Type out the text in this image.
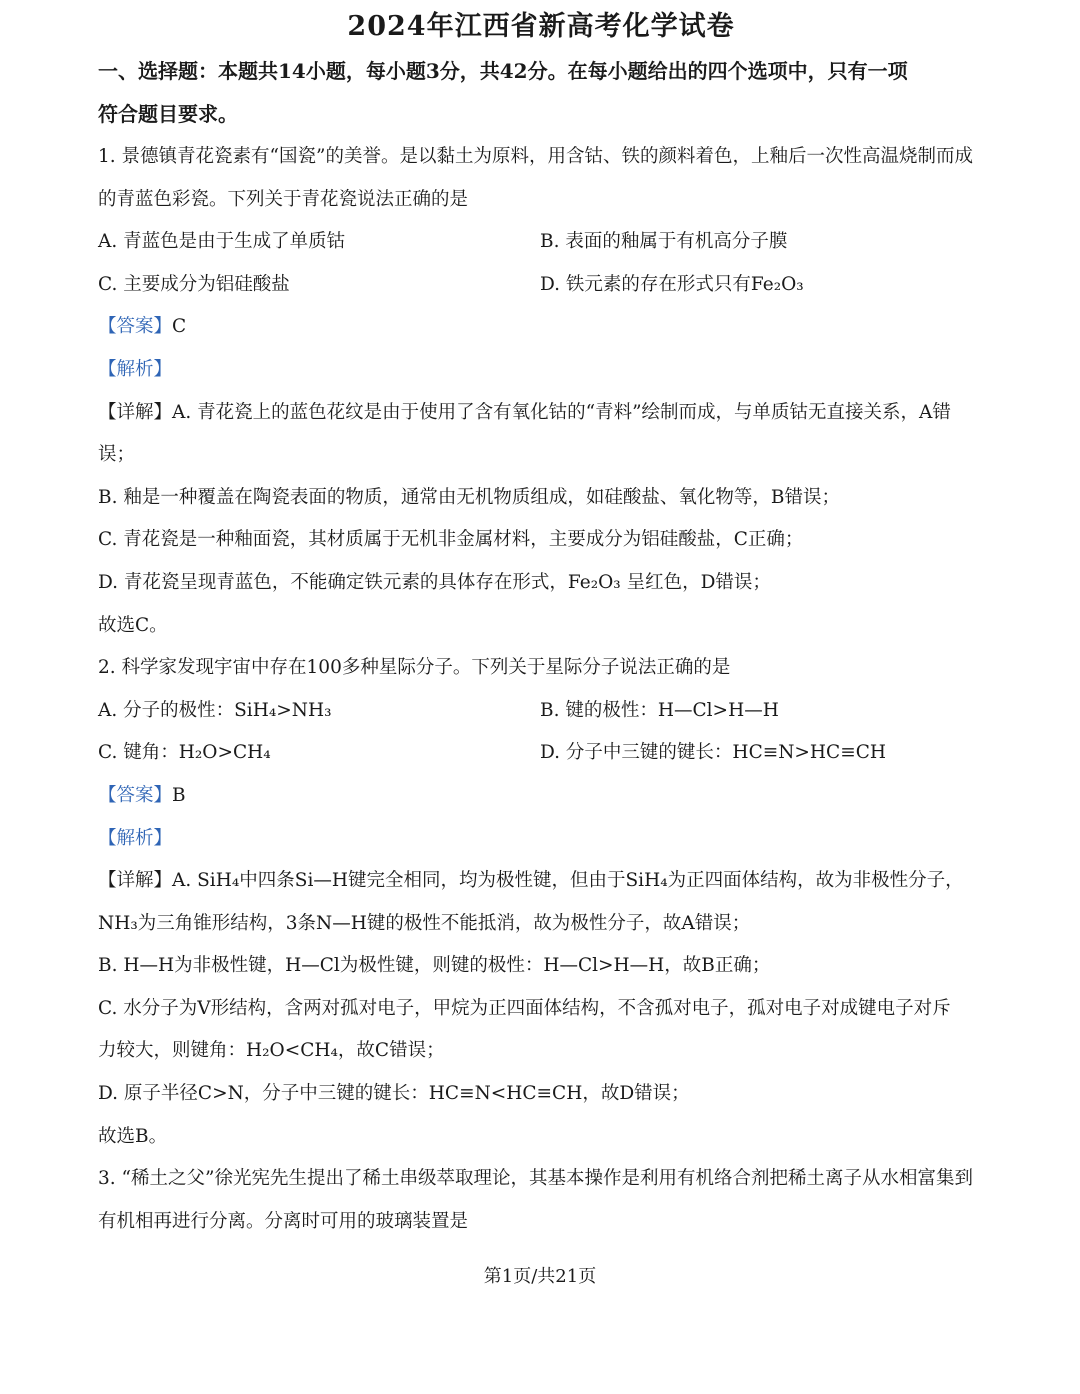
2024年江西省新高考化学试卷

一、选择题：本题共14小题，每小题3分，共42分。在每小题给出的四个选项中，只有一项

符合题目要求。

1. 景德镇青花瓷素有“国瓷”的美誉。是以黏土为原料，用含钴、铁的颜料着色，上釉后一次性高温烧制而成

的青蓝色彩瓷。下列关于青花瓷说法正确的是

A. 青蓝色是由于生成了单质钴	B. 表面的釉属于有机高分子膜
C. 主要成分为铝硅酸盐	D. 铁元素的存在形式只有Fe₂O₃

【答案】C

【解析】

【详解】A. 青花瓷上的蓝色花纹是由于使用了含有氧化钴的“青料”绘制而成，与单质钴无直接关系，A错

误；

B. 釉是一种覆盖在陶瓷表面的物质，通常由无机物质组成，如硅酸盐、氧化物等，B错误；

C. 青花瓷是一种釉面瓷，其材质属于无机非金属材料，主要成分为铝硅酸盐，C正确；

D. 青花瓷呈现青蓝色，不能确定铁元素的具体存在形式，Fe₂O₃ 呈红色，D错误；

故选C。

2. 科学家发现宇宙中存在100多种星际分子。下列关于星际分子说法正确的是

A. 分子的极性：SiH₄>NH₃	B. 键的极性：H—Cl>H—H
C. 键角：H₂O>CH₄	D. 分子中三键的键长：HC≡N>HC≡CH

【答案】B

【解析】

【详解】A. SiH₄中四条Si—H键完全相同，均为极性键，但由于SiH₄为正四面体结构，故为非极性分子，

NH₃为三角锥形结构，3条N—H键的极性不能抵消，故为极性分子，故A错误；

B. H—H为非极性键，H—Cl为极性键，则键的极性：H—Cl>H—H，故B正确；

C. 水分子为V形结构，含两对孤对电子，甲烷为正四面体结构，不含孤对电子，孤对电子对成键电子对斥

力较大，则键角：H₂O<CH₄，故C错误；

D. 原子半径C>N，分子中三键的键长：HC≡N<HC≡CH，故D错误；

故选B。

3. “稀土之父”徐光宪先生提出了稀土串级萃取理论，其基本操作是利用有机络合剂把稀土离子从水相富集到

有机相再进行分离。分离时可用的玻璃装置是

第1页/共21页
